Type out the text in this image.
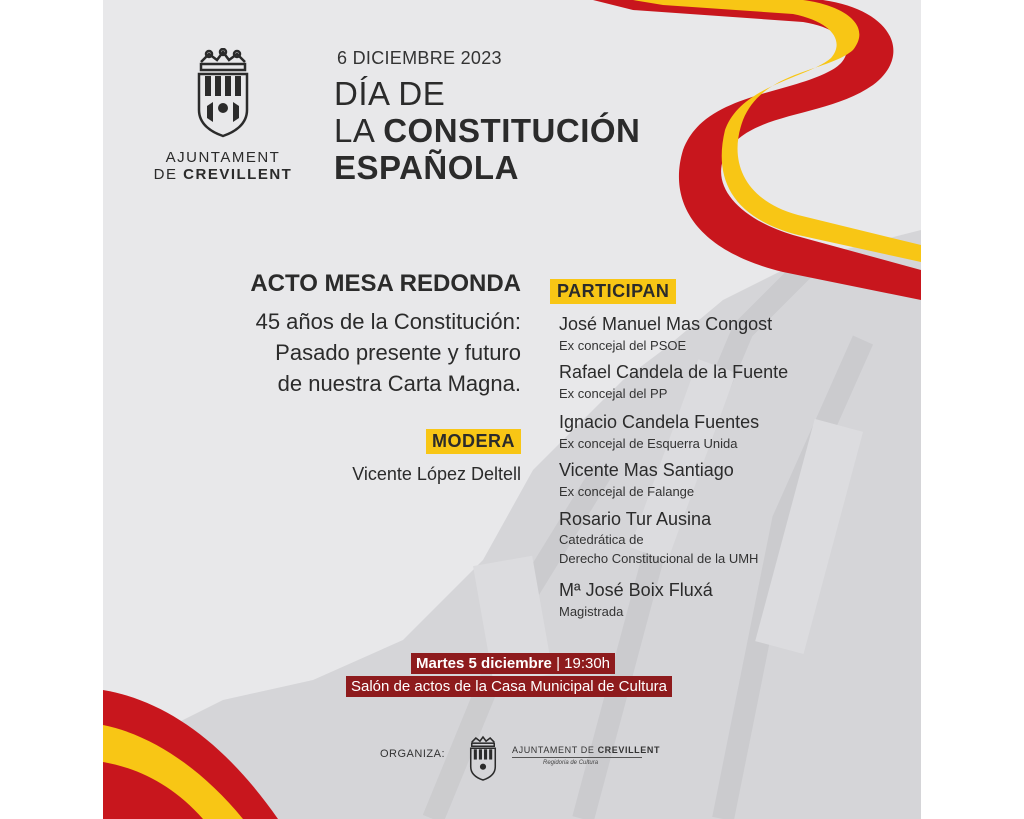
AJUNTAMENT
DE CREVILLENT
6 DICIEMBRE 2023
DÍA DE
LA CONSTITUCIÓN
ESPAÑOLA
ACTO MESA REDONDA
45 años de la Constitución:
Pasado presente y futuro
de nuestra Carta Magna.
MODERA
Vicente López Deltell
PARTICIPAN
José Manuel Mas Congost
Ex concejal del PSOE
Rafael Candela de la Fuente
Ex concejal del PP
Ignacio Candela Fuentes
Ex concejal de Esquerra Unida
Vicente Mas Santiago
Ex concejal de Falange
Rosario Tur Ausina
Catedrática de
Derecho Constitucional de la UMH
Mª José Boix Fluxá
Magistrada
Martes 5 diciembre | 19:30h
Salón de actos de la Casa Municipal de Cultura
ORGANIZA:	AJUNTAMENT DE CREVILLENT
Regidoria de Cultura
